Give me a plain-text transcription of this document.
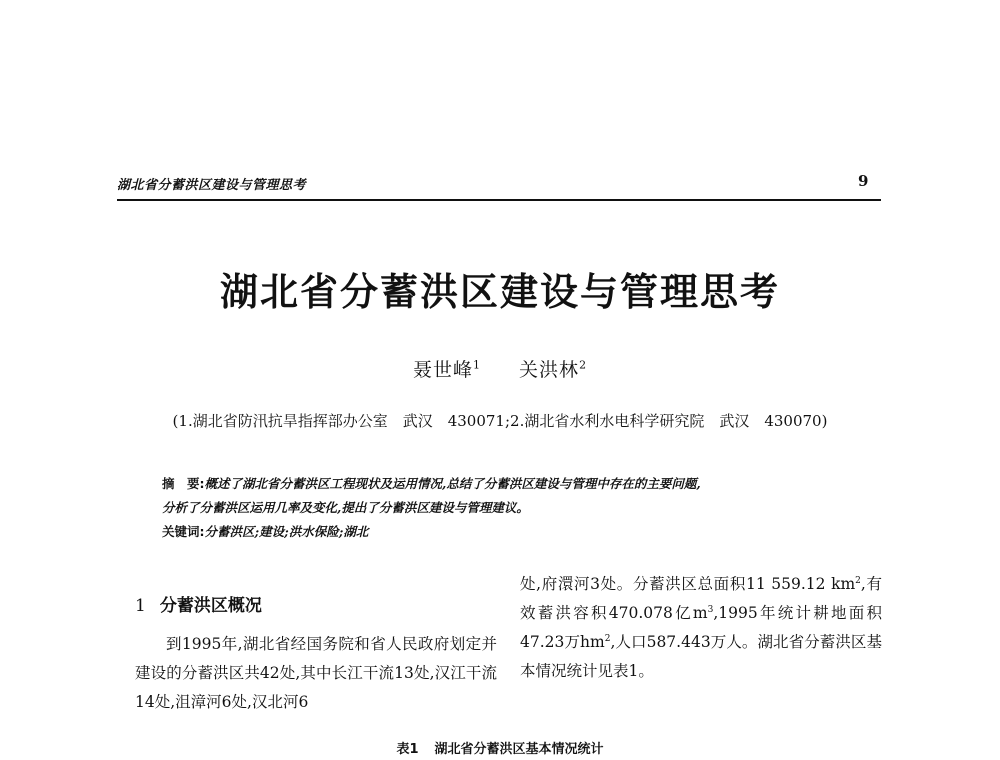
湖北省分蓄洪区建设与管理思考	9
湖北省分蓄洪区建设与管理思考
聂世峰$^1$ 关洪林$^2$
(1.湖北省防汛抗旱指挥部办公室　武汉　430071;2.湖北省水利水电科学研究院　武汉　430070)

摘　要:概述了湖北省分蓄洪区工程现状及运用情况,总结了分蓄洪区建设与管理中存在的主要问题,

分析了分蓄洪区运用几率及变化,提出了分蓄洪区建设与管理建议。

关键词:分蓄洪区;建设;洪水保险;湖北

1 分蓄洪区概况

到1995年,湖北省经国务院和省人民政府划定并建设的分蓄洪区共42处,其中长江干流13处,汉江干流14处,沮漳河6处,汉北河6

处,府澴河3处。分蓄洪区总面积11 559.12 $km^2$,有效蓄洪容积470.078亿$m^3,1995$年统计耕地面积47.23万$hm^2$,人口587.443万人。湖北省分蓄洪区基本情况统计见表1。

表1 湖北省分蓄洪区基本情况统计
